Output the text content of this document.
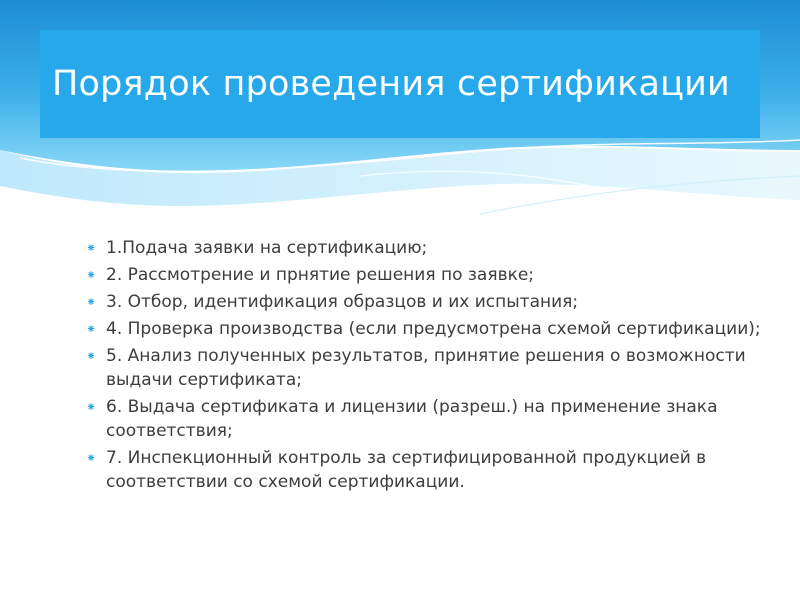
Порядок проведения сертификации
⁕ 1.Подача заявки на сертификацию;
⁕ 2. Рассмотрение и прнятие решения по заявке;
⁕ 3. Отбор, идентификация образцов и их испытания;
⁕ 4. Проверка производства (если предусмотрена схемой сертификации);
⁕ 5. Анализ полученных результатов, принятие решения о возможности выдачи сертификата;
⁕ 6. Выдача сертификата и лицензии (разреш.) на применение знака соответствия;
⁕ 7. Инспекционный контроль за сертифицированной продукцией в соответствии со схемой сертификации.
